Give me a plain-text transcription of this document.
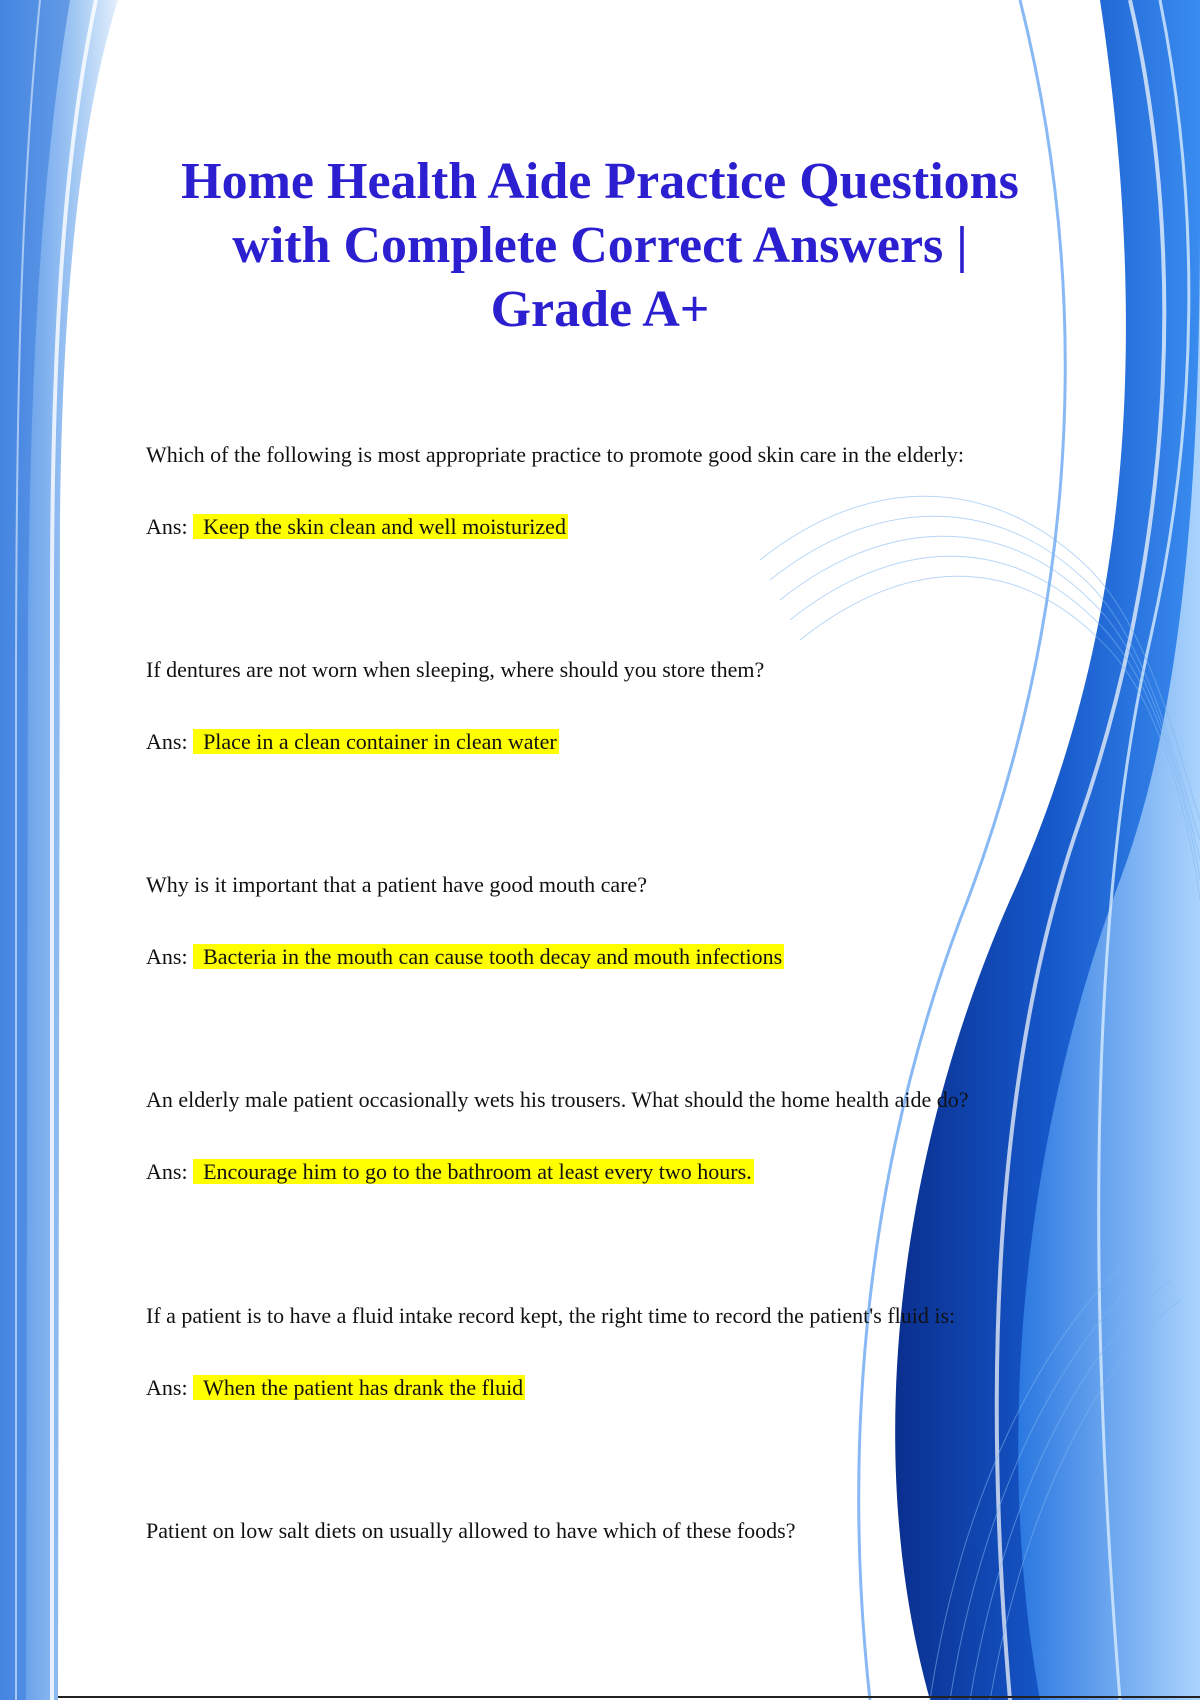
Home Health Aide Practice Questions
with Complete Correct Answers |
Grade A+

Which of the following is most appropriate practice to promote good skin care in the elderly:

Ans: Keep the skin clean and well moisturized

If dentures are not worn when sleeping, where should you store them?

Ans: Place in a clean container in clean water

Why is it important that a patient have good mouth care?

Ans: Bacteria in the mouth can cause tooth decay and mouth infections

An elderly male patient occasionally wets his trousers. What should the home health aide do?

Ans: Encourage him to go to the bathroom at least every two hours.

If a patient is to have a fluid intake record kept, the right time to record the patient's fluid is:

Ans: When the patient has drank the fluid

Patient on low salt diets on usually allowed to have which of these foods?
